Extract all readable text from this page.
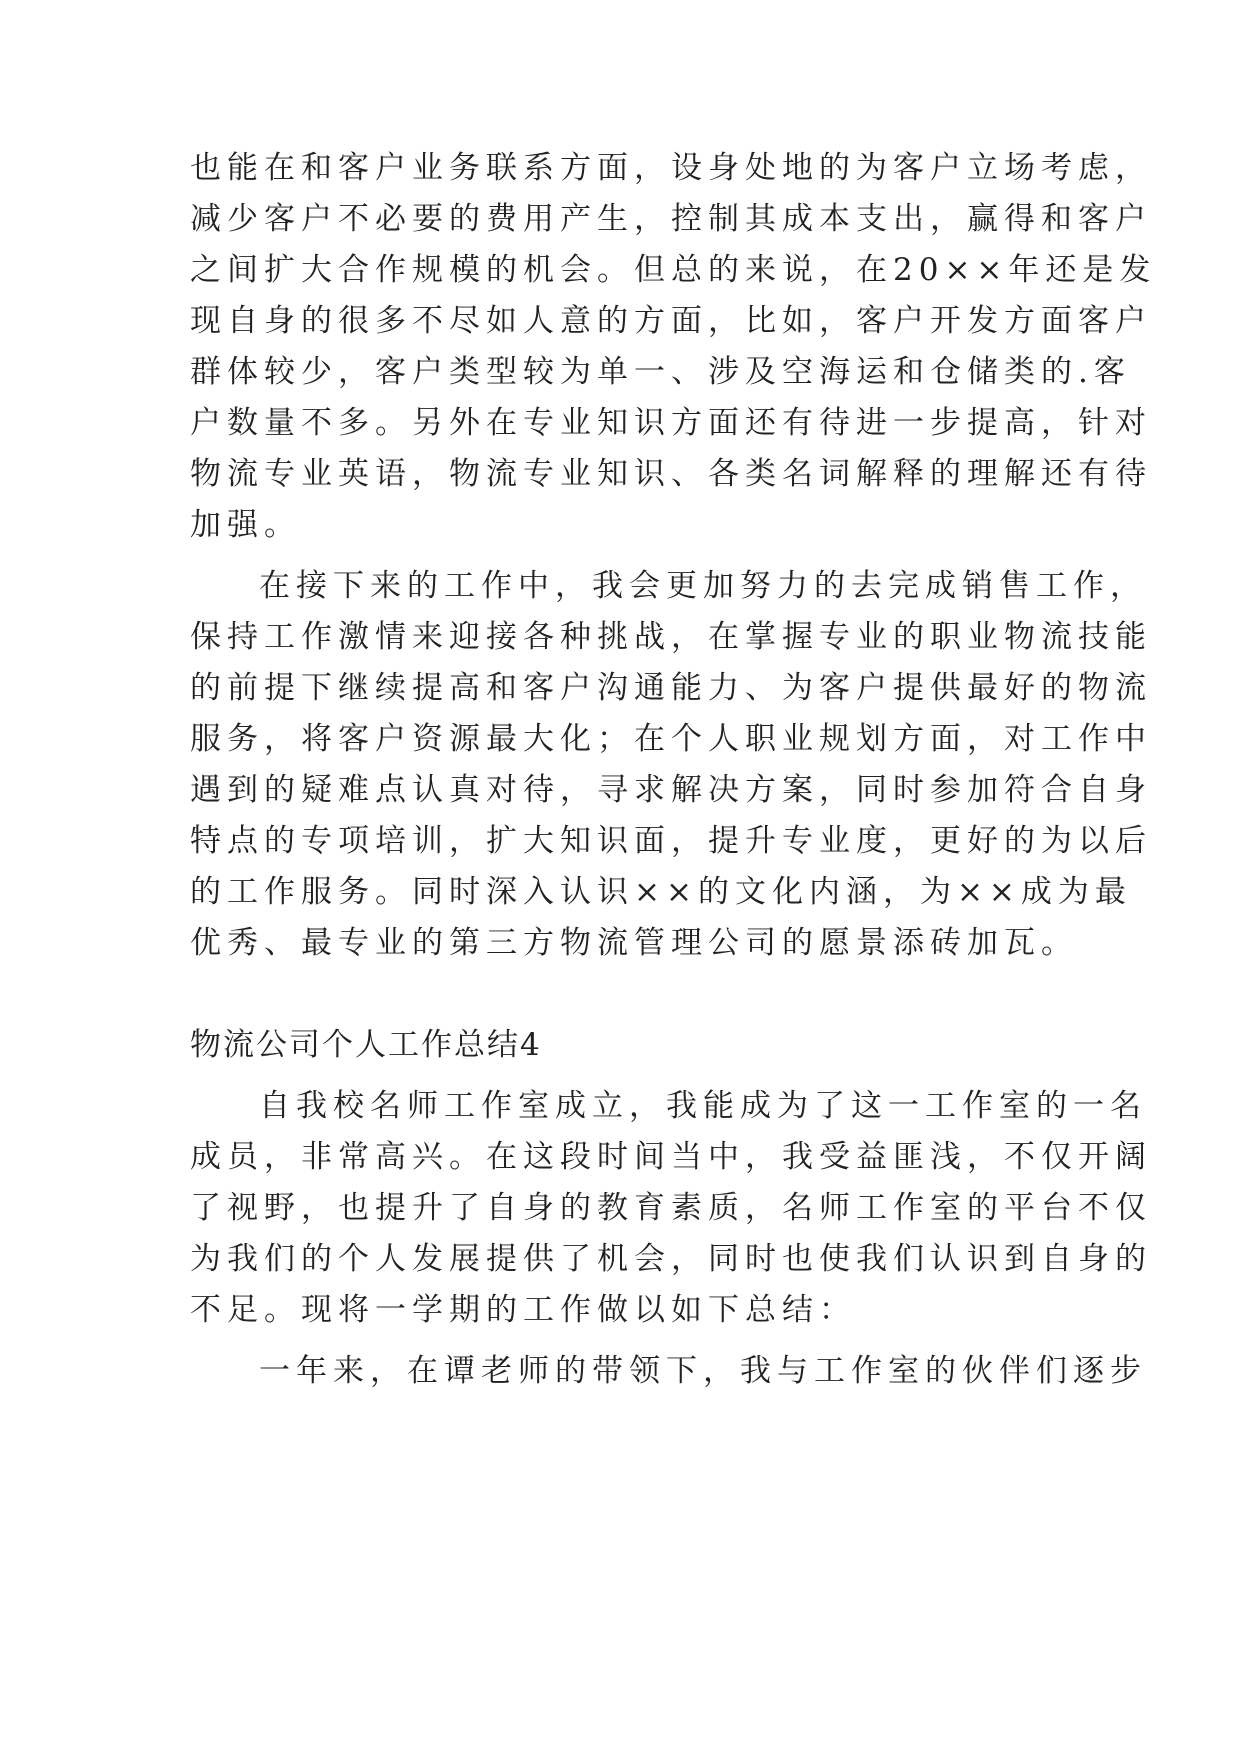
也能在和客户业务联系方面，设身处地的为客户立场考虑，
减少客户不必要的费用产生，控制其成本支出，赢得和客户
之间扩大合作规模的机会。但总的来说，在20××年还是发
现自身的很多不尽如人意的方面，比如，客户开发方面客户
群体较少，客户类型较为单一、涉及空海运和仓储类的.客
户数量不多。另外在专业知识方面还有待进一步提高，针对
物流专业英语，物流专业知识、各类名词解释的理解还有待
加强。
在接下来的工作中，我会更加努力的去完成销售工作，
保持工作激情来迎接各种挑战，在掌握专业的职业物流技能
的前提下继续提高和客户沟通能力、为客户提供最好的物流
服务，将客户资源最大化；在个人职业规划方面，对工作中
遇到的疑难点认真对待，寻求解决方案，同时参加符合自身
特点的专项培训，扩大知识面，提升专业度，更好的为以后
的工作服务。同时深入认识××的文化内涵，为××成为最
优秀、最专业的第三方物流管理公司的愿景添砖加瓦。
物流公司个人工作总结4
自我校名师工作室成立，我能成为了这一工作室的一名
成员，非常高兴。在这段时间当中，我受益匪浅，不仅开阔
了视野，也提升了自身的教育素质，名师工作室的平台不仅
为我们的个人发展提供了机会，同时也使我们认识到自身的
不足。现将一学期的工作做以如下总结：
一年来，在谭老师的带领下，我与工作室的伙伴们逐步
